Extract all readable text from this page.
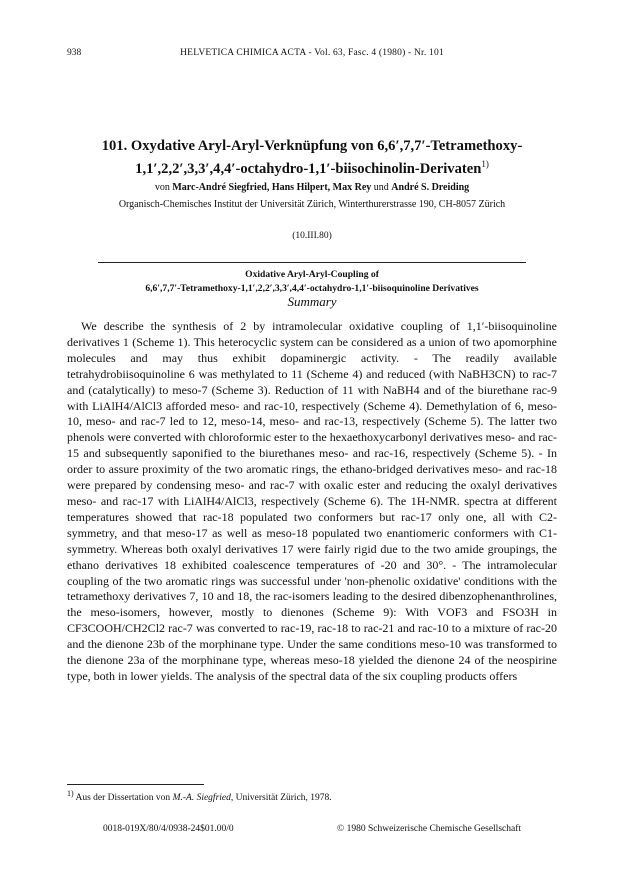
938	HELVETICA CHIMICA ACTA - Vol. 63, Fasc. 4 (1980) - Nr. 101
101. Oxydative Aryl-Aryl-Verknüpfung von 6,6′,7,7′-Tetramethoxy-
1,1′,2,2′,3,3′,4,4′-octahydro-1,1′-biisochinolin-Derivaten$^{1)}$
von Marc-André Siegfried, Hans Hilpert, Max Rey und André S. Dreiding
Organisch-Chemisches Institut der Universität Zürich, Winterthurerstrasse 190, CH-8057 Zürich
(10.III.80)
Oxidative Aryl-Aryl-Coupling of
6,6′,7,7′-Tetramethoxy-1,1′,2,2′,3,3′,4,4′-octahydro-1,1′-biisoquinoline Derivatives
Summary

We describe the synthesis of 2 by intramolecular oxidative coupling of 1,1′-biisoquinoline derivatives 1 (Scheme 1). This heterocyclic system can be considered as a union of two apomorphine molecules and may thus exhibit dopaminergic activity. - The readily available tetrahydrobiisoquinoline 6 was methylated to 11 (Scheme 4) and reduced (with NaBH3CN) to rac-7 and (catalytically) to meso-7 (Scheme 3). Reduction of 11 with NaBH4 and of the biurethane rac-9 with LiAlH4/AlCl3 afforded meso- and rac-10, respectively (Scheme 4). Demethylation of 6, meso-10, meso- and rac-7 led to 12, meso-14, meso- and rac-13, respectively (Scheme 5). The latter two phenols were converted with chloroformic ester to the hexaethoxycarbonyl derivatives meso- and rac-15 and subsequently saponified to the biurethanes meso- and rac-16, respectively (Scheme 5). - In order to assure proximity of the two aromatic rings, the ethano-bridged derivatives meso- and rac-18 were prepared by condensing meso- and rac-7 with oxalic ester and reducing the oxalyl derivatives meso- and rac-17 with LiAlH4/AlCl3, respectively (Scheme 6). The 1H-NMR. spectra at different temperatures showed that rac-18 populated two conformers but rac-17 only one, all with C2-symmetry, and that meso-17 as well as meso-18 populated two enantiomeric conformers with C1-symmetry. Whereas both oxalyl derivatives 17 were fairly rigid due to the two amide groupings, the ethano derivatives 18 exhibited coalescence temperatures of -20 and 30°. - The intramolecular coupling of the two aromatic rings was successful under 'non-phenolic oxidative' conditions with the tetramethoxy derivatives 7, 10 and 18, the rac-isomers leading to the desired dibenzophenanthrolines, the meso-isomers, however, mostly to dienones (Scheme 9): With VOF3 and FSO3H in CF3COOH/CH2Cl2 rac-7 was converted to rac-19, rac-18 to rac-21 and rac-10 to a mixture of rac-20 and the dienone 23b of the morphinane type. Under the same conditions meso-10 was transformed to the dienone 23a of the morphinane type, whereas meso-18 yielded the dienone 24 of the neospirine type, both in lower yields. The analysis of the spectral data of the six coupling products offers

$^{1)}$ Aus der Dissertation von M.-A. Siegfried, Universität Zürich, 1978.
0018-019X/80/4/0938-24$01.00/0	© 1980 Schweizerische Chemische Gesellschaft
